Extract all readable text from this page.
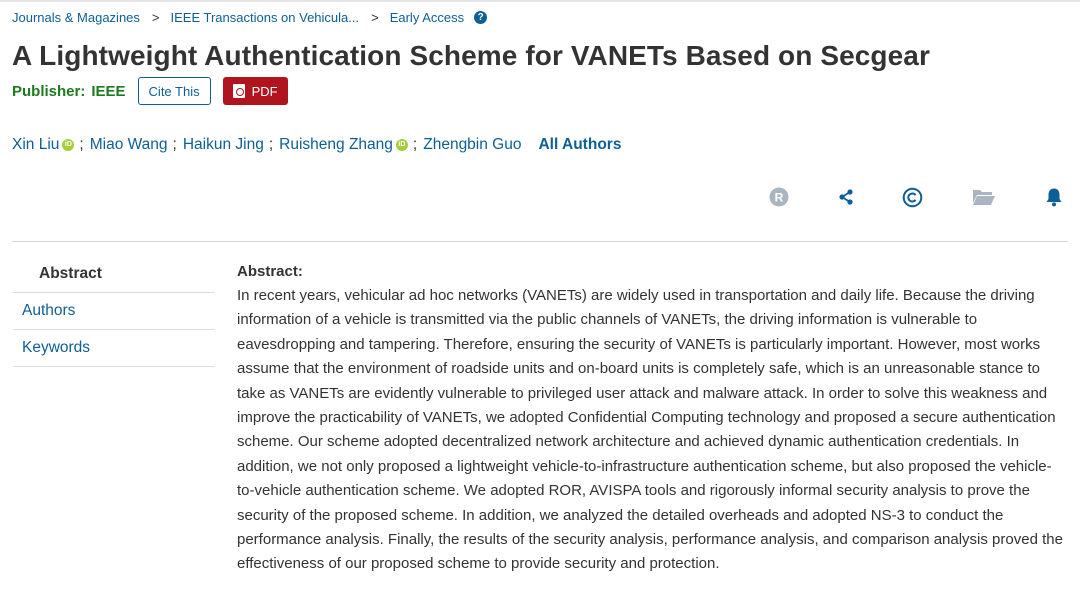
Journals & Magazines > IEEE Transactions on Vehicula... > Early Access	?
A Lightweight Authentication Scheme for VANETs Based on Secgear
Publisher: IEEE	Cite This	PDF
Xin Liu iD ; Miao Wang ; Haikun Jing ; Ruisheng Zhang iD ; Zhengbin Guo All Authors
R
Abstract
Authors
Keywords
Abstract:
In recent years, vehicular ad hoc networks (VANETs) are widely used in transportation and daily life. Because the driving information of a vehicle is transmitted via the public channels of VANETs, the driving information is vulnerable to eavesdropping and tampering. Therefore, ensuring the security of VANETs is particularly important. However, most works assume that the environment of roadside units and on-board units is completely safe, which is an unreasonable stance to take as VANETs are evidently vulnerable to privileged user attack and malware attack. In order to solve this weakness and improve the practicability of VANETs, we adopted Confidential Computing technology and proposed a secure authentication scheme. Our scheme adopted decentralized network architecture and achieved dynamic authentication credentials. In addition, we not only proposed a lightweight vehicle-to-infrastructure authentication scheme, but also proposed the vehicle-to-vehicle authentication scheme. We adopted ROR, AVISPA tools and rigorously informal security analysis to prove the security of the proposed scheme. In addition, we analyzed the detailed overheads and adopted NS-3 to conduct the performance analysis. Finally, the results of the security analysis, performance analysis, and comparison analysis proved the effectiveness of our proposed scheme to provide security and protection.
